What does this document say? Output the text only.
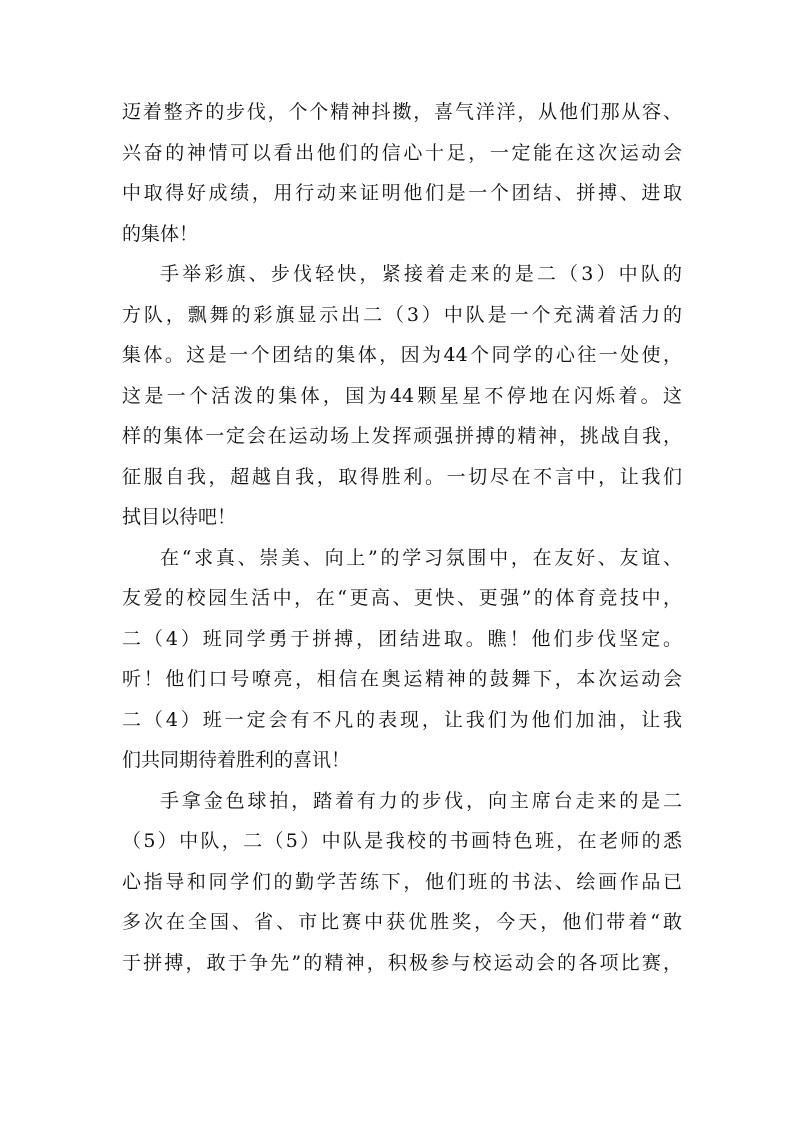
迈着整齐的步伐，个个精神抖擞，喜气洋洋，从他们那从容、
兴奋的神情可以看出他们的信心十足，一定能在这次运动会
中取得好成绩，用行动来证明他们是一个团结、拼搏、进取
的集体！
手举彩旗、步伐轻快，紧接着走来的是二（3）中队的
方队，飘舞的彩旗显示出二（3）中队是一个充满着活力的
集体。这是一个团结的集体，因为44个同学的心往一处使，
这是一个活泼的集体，国为44颗星星不停地在闪烁着。这
样的集体一定会在运动场上发挥顽强拼搏的精神，挑战自我，
征服自我，超越自我，取得胜利。一切尽在不言中，让我们
拭目以待吧！
在“求真、崇美、向上”的学习氛围中，在友好、友谊、
友爱的校园生活中，在“更高、更快、更强”的体育竞技中，
二（4）班同学勇于拼搏，团结进取。瞧！他们步伐坚定。
听！他们口号嘹亮，相信在奥运精神的鼓舞下，本次运动会
二（4）班一定会有不凡的表现，让我们为他们加油，让我
们共同期待着胜利的喜讯！
手拿金色球拍，踏着有力的步伐，向主席台走来的是二
（5）中队，二（5）中队是我校的书画特色班，在老师的悉
心指导和同学们的勤学苦练下，他们班的书法、绘画作品已
多次在全国、省、市比赛中获优胜奖，今天，他们带着“敢
于拼搏，敢于争先”的精神，积极参与校运动会的各项比赛，
